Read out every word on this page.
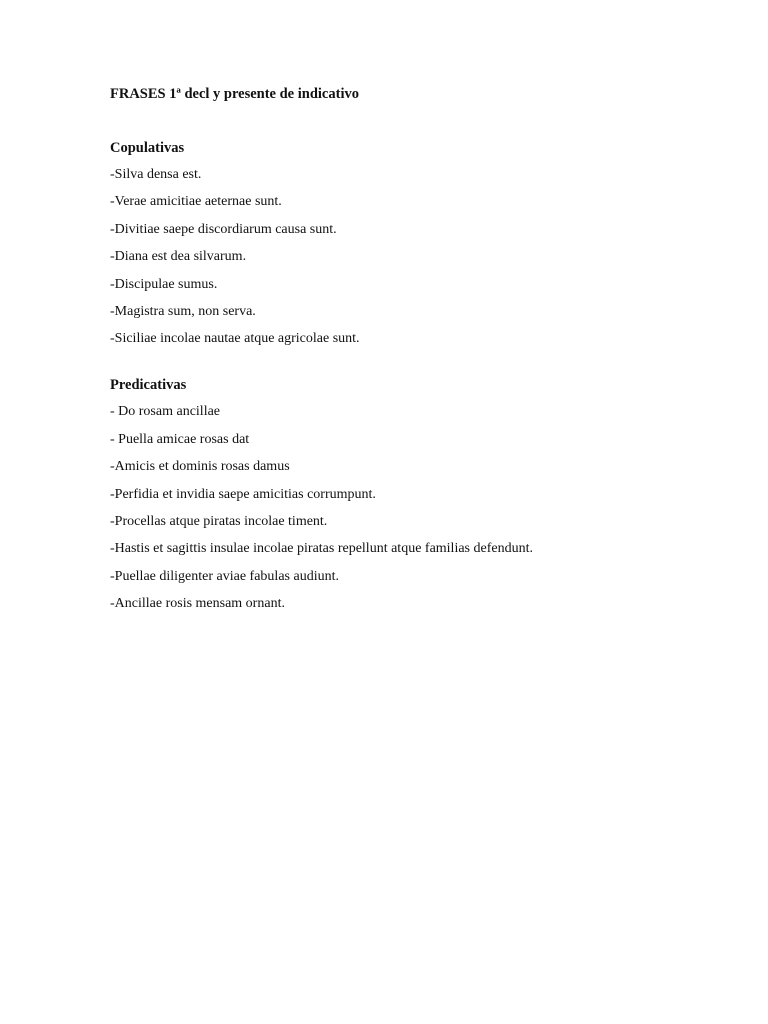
FRASES 1ª decl y presente de indicativo

Copulativas

-Silva densa est.
-Verae amicitiae aeternae sunt.
-Divitiae saepe discordiarum causa sunt.
-Diana est dea silvarum.
-Discipulae sumus.
-Magistra sum, non serva.
-Siciliae incolae nautae atque agricolae sunt.

Predicativas

- Do rosam ancillae
- Puella amicae rosas dat
-Amicis et dominis rosas damus
-Perfidia et invidia saepe amicitias corrumpunt.
-Procellas atque piratas incolae timent.
-Hastis et sagittis insulae incolae piratas repellunt atque familias defendunt.
-Puellae diligenter aviae fabulas audiunt.
-Ancillae rosis mensam ornant.
